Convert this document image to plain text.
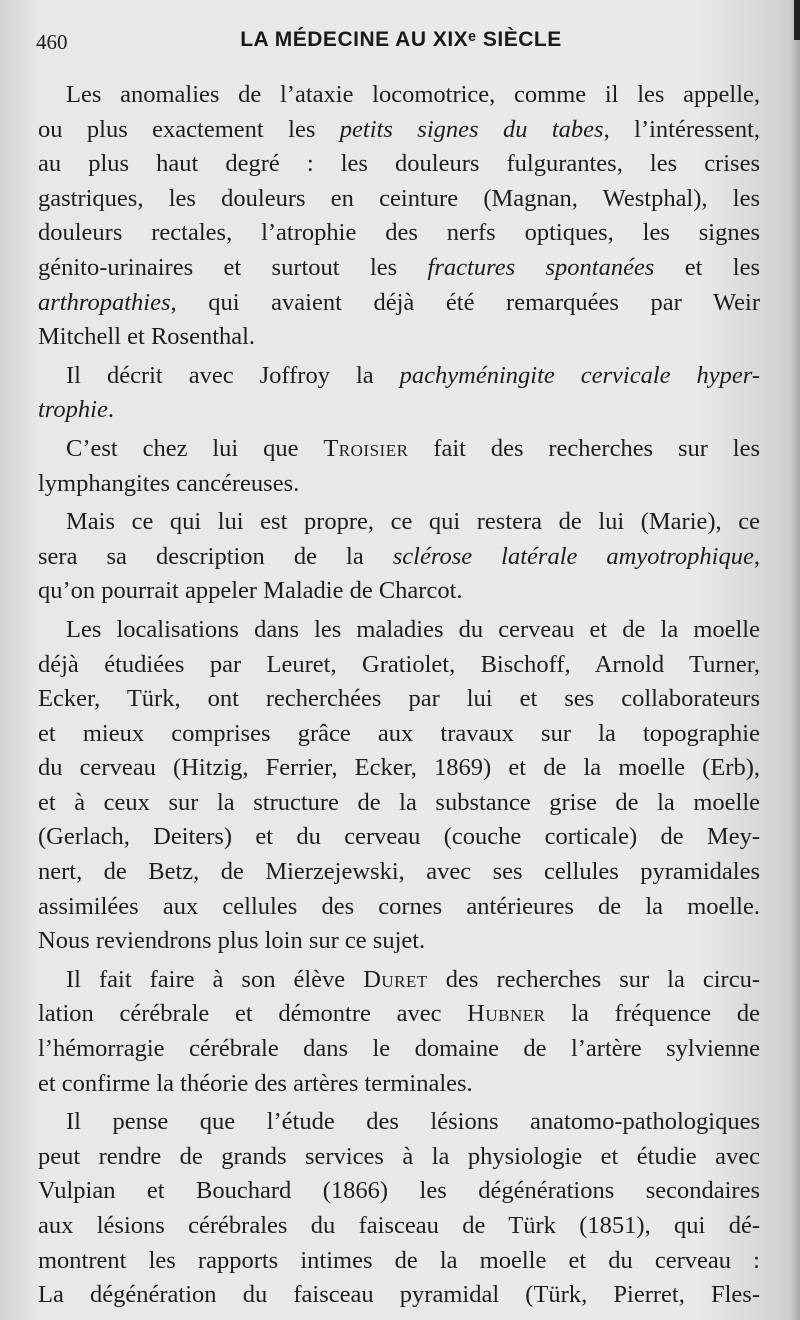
460	LA MÉDECINE AU XIXᵉ SIÈCLE
Les anomalies de l’ataxie locomotrice, comme il les appelle,
ou plus exactement les petits signes du tabes, l’intéressent,
au plus haut degré : les douleurs fulgurantes, les crises
gastriques, les douleurs en ceinture (Magnan, Westphal), les
douleurs rectales, l’atrophie des nerfs optiques, les signes
génito-urinaires et surtout les fractures spontanées et les
arthropathies, qui avaient déjà été remarquées par Weir
Mitchell et Rosenthal.
Il décrit avec Joffroy la pachyméningite cervicale hyper-
trophie.
C’est chez lui que Troisier fait des recherches sur les
lymphangites cancéreuses.
Mais ce qui lui est propre, ce qui restera de lui (Marie), ce
sera sa description de la sclérose latérale amyotrophique,
qu’on pourrait appeler Maladie de Charcot.
Les localisations dans les maladies du cerveau et de la moelle
déjà étudiées par Leuret, Gratiolet, Bischoff, Arnold Turner,
Ecker, Türk, ont recherchées par lui et ses collaborateurs
et mieux comprises grâce aux travaux sur la topographie
du cerveau (Hitzig, Ferrier, Ecker, 1869) et de la moelle (Erb),
et à ceux sur la structure de la substance grise de la moelle
(Gerlach, Deiters) et du cerveau (couche corticale) de Mey-
nert, de Betz, de Mierzejewski, avec ses cellules pyramidales
assimilées aux cellules des cornes antérieures de la moelle.
Nous reviendrons plus loin sur ce sujet.
Il fait faire à son élève Duret des recherches sur la circu-
lation cérébrale et démontre avec Hubner la fréquence de
l’hémorragie cérébrale dans le domaine de l’artère sylvienne
et confirme la théorie des artères terminales.
Il pense que l’étude des lésions anatomo-pathologiques
peut rendre de grands services à la physiologie et étudie avec
Vulpian et Bouchard (1866) les dégénérations secondaires
aux lésions cérébrales du faisceau de Türk (1851), qui dé-
montrent les rapports intimes de la moelle et du cerveau :
La dégénération du faisceau pyramidal (Türk, Pierret, Fles-
